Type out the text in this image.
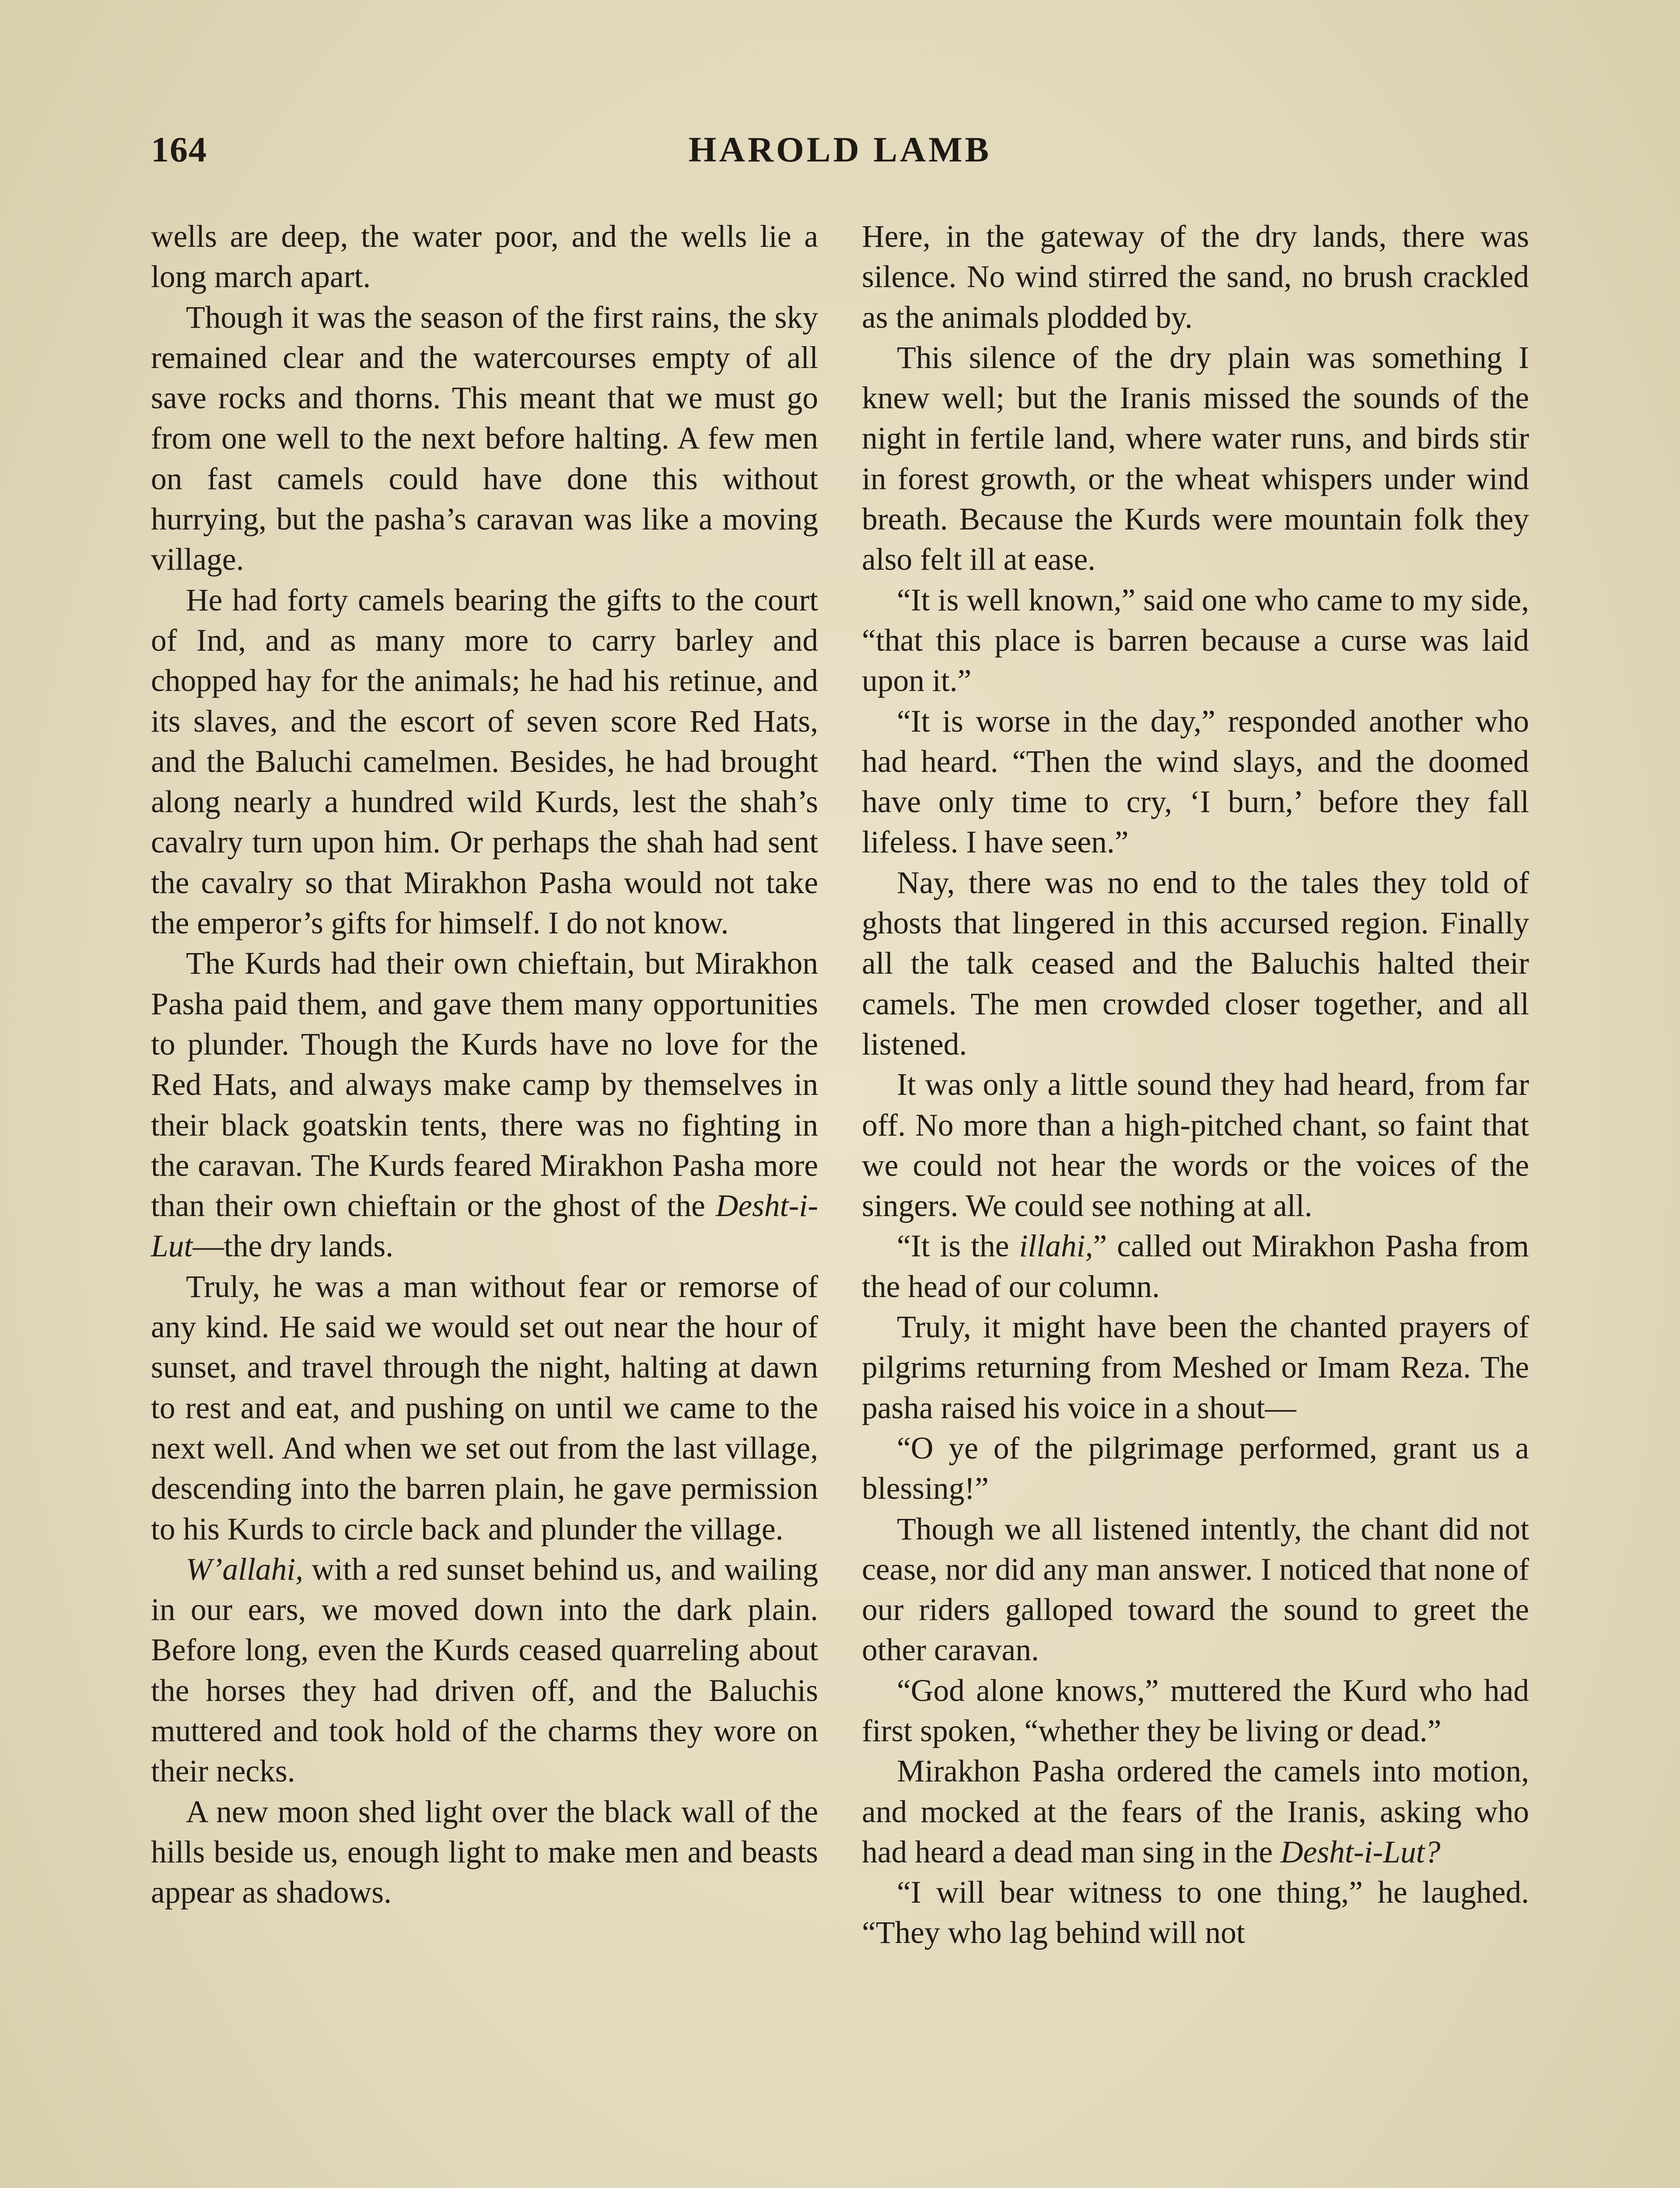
164	HAROLD LAMB

wells are deep, the water poor, and the wells lie a long march apart.

Though it was the season of the first rains, the sky remained clear and the watercourses empty of all save rocks and thorns. This meant that we must go from one well to the next before halting. A few men on fast camels could have done this without hurrying, but the pasha’s caravan was like a moving village.

He had forty camels bearing the gifts to the court of Ind, and as many more to carry barley and chopped hay for the animals; he had his retinue, and its slaves, and the escort of seven score Red Hats, and the Baluchi camelmen. Besides, he had brought along nearly a hundred wild Kurds, lest the shah’s cavalry turn upon him. Or perhaps the shah had sent the cavalry so that Mirakhon Pasha would not take the emperor’s gifts for himself. I do not know.

The Kurds had their own chieftain, but Mirakhon Pasha paid them, and gave them many opportunities to plunder. Though the Kurds have no love for the Red Hats, and always make camp by themselves in their black goatskin tents, there was no fighting in the caravan. The Kurds feared Mirakhon Pasha more than their own chieftain or the ghost of the Desht-i-Lut—the dry lands.

Truly, he was a man without fear or remorse of any kind. He said we would set out near the hour of sunset, and travel through the night, halting at dawn to rest and eat, and pushing on until we came to the next well. And when we set out from the last village, descending into the barren plain, he gave permission to his Kurds to circle back and plunder the village.

W’allahi, with a red sunset behind us, and wailing in our ears, we moved down into the dark plain. Before long, even the Kurds ceased quarreling about the horses they had driven off, and the Baluchis muttered and took hold of the charms they wore on their necks.

A new moon shed light over the black wall of the hills beside us, enough light to make men and beasts appear as shadows.

Here, in the gateway of the dry lands, there was silence. No wind stirred the sand, no brush crackled as the animals plodded by.

This silence of the dry plain was something I knew well; but the Iranis missed the sounds of the night in fertile land, where water runs, and birds stir in forest growth, or the wheat whispers under wind breath. Because the Kurds were mountain folk they also felt ill at ease.

“It is well known,” said one who came to my side, “that this place is barren because a curse was laid upon it.”

“It is worse in the day,” responded another who had heard. “Then the wind slays, and the doomed have only time to cry, ‘I burn,’ before they fall lifeless. I have seen.”

Nay, there was no end to the tales they told of ghosts that lingered in this accursed region. Finally all the talk ceased and the Baluchis halted their camels. The men crowded closer together, and all listened.

It was only a little sound they had heard, from far off. No more than a high-pitched chant, so faint that we could not hear the words or the voices of the singers. We could see nothing at all.

“It is the illahi,” called out Mirakhon Pasha from the head of our column.

Truly, it might have been the chanted prayers of pilgrims returning from Meshed or Imam Reza. The pasha raised his voice in a shout—

“O ye of the pilgrimage performed, grant us a blessing!”

Though we all listened intently, the chant did not cease, nor did any man answer. I noticed that none of our riders galloped toward the sound to greet the other caravan.

“God alone knows,” muttered the Kurd who had first spoken, “whether they be living or dead.”

Mirakhon Pasha ordered the camels into motion, and mocked at the fears of the Iranis, asking who had heard a dead man sing in the Desht-i-Lut?

“I will bear witness to one thing,” he laughed. “They who lag behind will not
